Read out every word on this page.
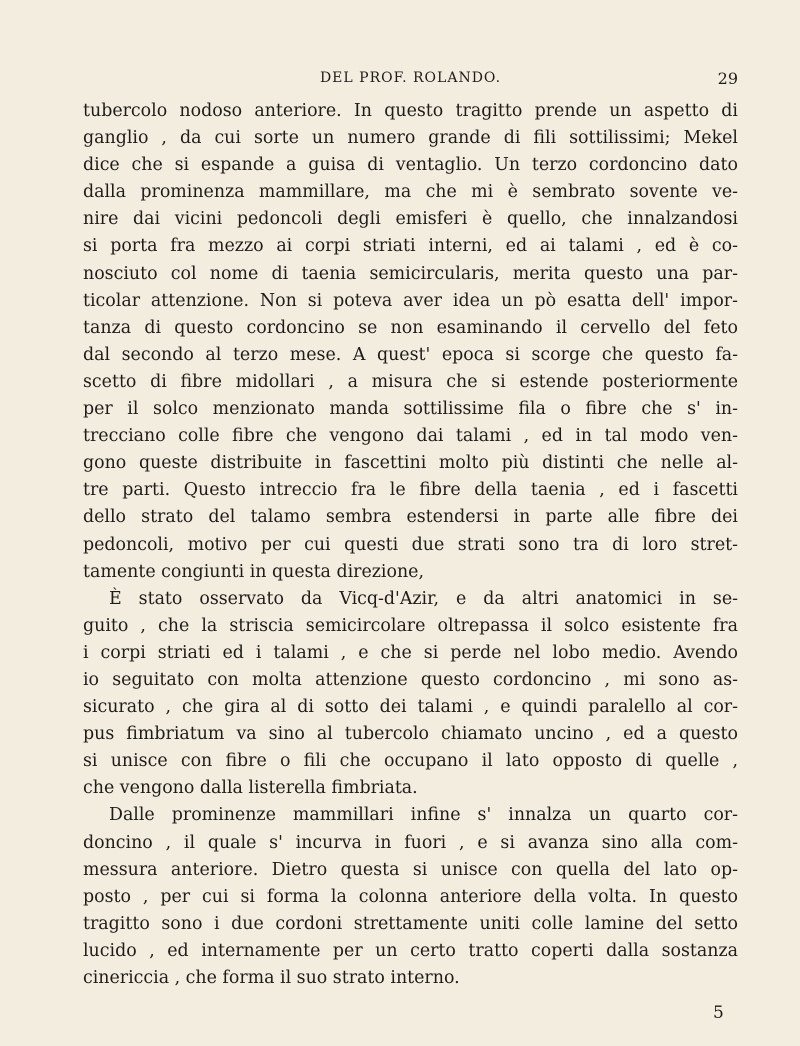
DEL PROF. ROLANDO.	29

tubercolo nodoso anteriore. In questo tragitto prende un aspetto di

ganglio , da cui sorte un numero grande di fili sottilissimi; Mekel

dice che si espande a guisa di ventaglio. Un terzo cordoncino dato

dalla prominenza mammillare, ma che mi è sembrato sovente ve-

nire dai vicini pedoncoli degli emisferi è quello, che innalzandosi

si porta fra mezzo ai corpi striati interni, ed ai talami , ed è co-

nosciuto col nome di taenia semicircularis, merita questo una par-

ticolar attenzione. Non si poteva aver idea un pò esatta dell' impor-

tanza di questo cordoncino se non esaminando il cervello del feto

dal secondo al terzo mese. A quest' epoca si scorge che questo fa-

scetto di fibre midollari , a misura che si estende posteriormente

per il solco menzionato manda sottilissime fila o fibre che s' in-

trecciano colle fibre che vengono dai talami , ed in tal modo ven-

gono queste distribuite in fascettini molto più distinti che nelle al-

tre parti. Questo intreccio fra le fibre della taenia , ed i fascetti

dello strato del talamo sembra estendersi in parte alle fibre dei

pedoncoli, motivo per cui questi due strati sono tra di loro stret-

tamente congiunti in questa direzione,

È stato osservato da Vicq-d'Azir, e da altri anatomici in se-

guito , che la striscia semicircolare oltrepassa il solco esistente fra

i corpi striati ed i talami , e che si perde nel lobo medio. Avendo

io seguitato con molta attenzione questo cordoncino , mi sono as-

sicurato , che gira al di sotto dei talami , e quindi paralello al cor-

pus fimbriatum va sino al tubercolo chiamato uncino , ed a questo

si unisce con fibre o fili che occupano il lato opposto di quelle ,

che vengono dalla listerella fimbriata.

Dalle prominenze mammillari infine s' innalza un quarto cor-

doncino , il quale s' incurva in fuori , e si avanza sino alla com-

messura anteriore. Dietro questa si unisce con quella del lato op-

posto , per cui si forma la colonna anteriore della volta. In questo

tragitto sono i due cordoni strettamente uniti colle lamine del setto

lucido , ed internamente per un certo tratto coperti dalla sostanza

cinericcia , che forma il suo strato interno.

5
